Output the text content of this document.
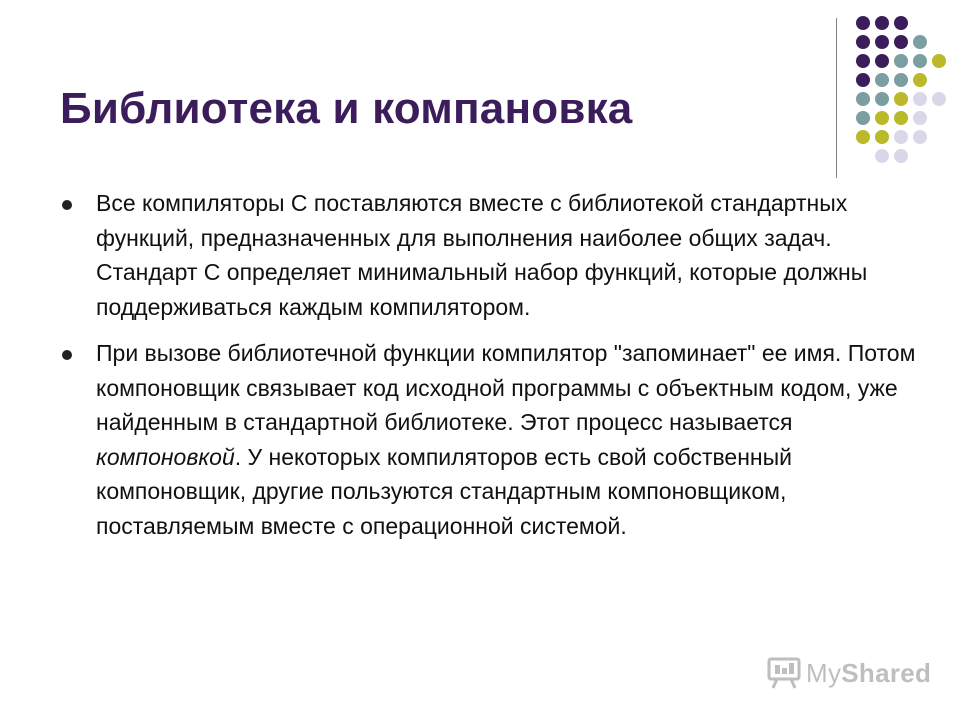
Библиотека и компановка
Все компиляторы C поставляются вместе с библиотекой стандартных функций, предназначенных для выполнения наиболее общих задач. Стандарт C определяет минимальный набор функций, которые должны поддерживаться каждым компилятором.
При вызове библиотечной функции компилятор "запоминает" ее имя. Потом компоновщик связывает код исходной программы с объектным кодом, уже найденным в стандартной библиотеке. Этот процесс называется компоновкой. У некоторых компиляторов есть свой собственный компоновщик, другие пользуются стандартным компоновщиком, поставляемым вместе с операционной системой.
MyShared
